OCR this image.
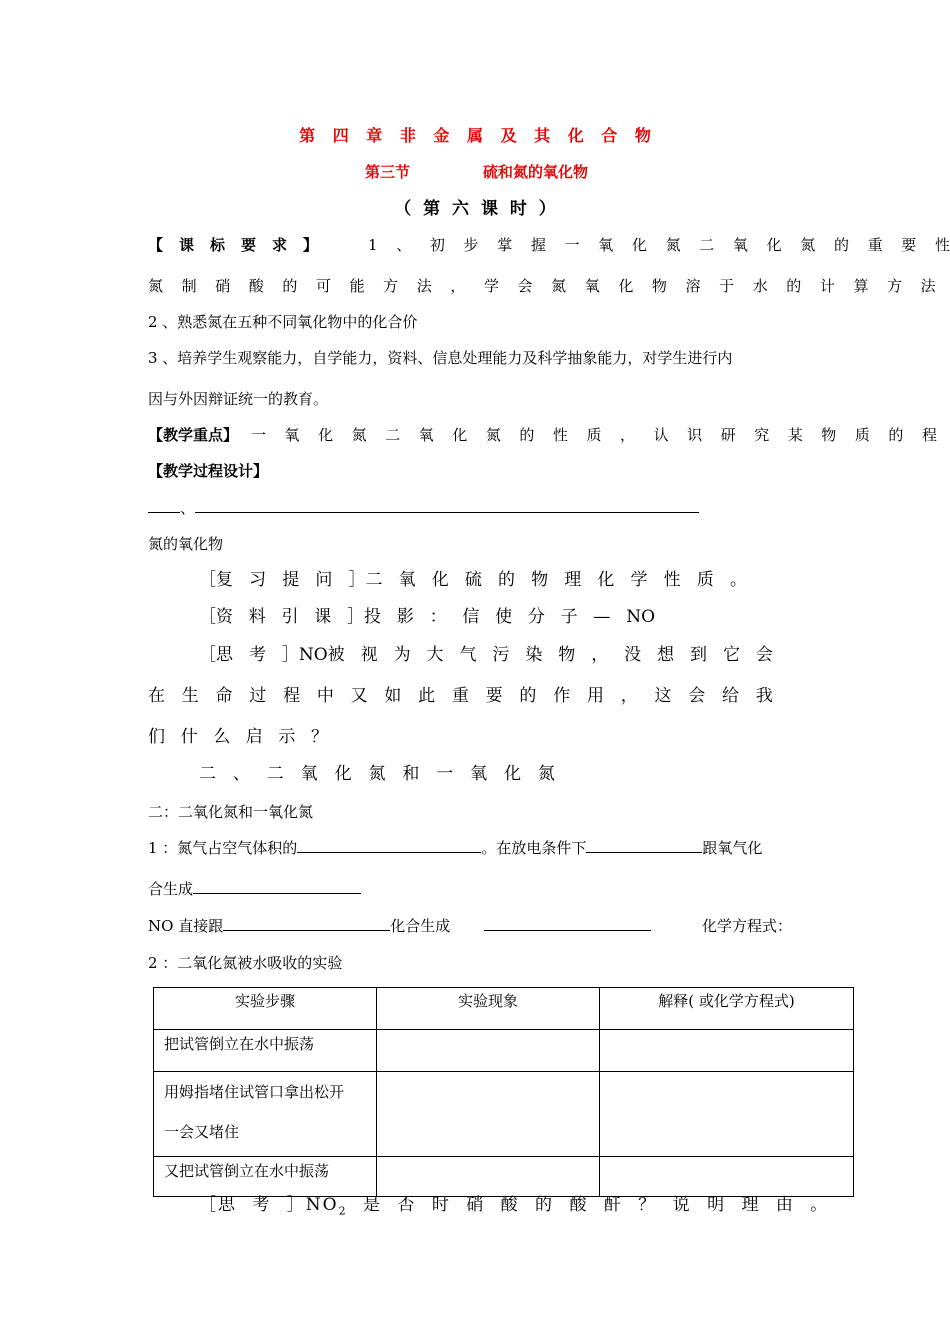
第 四 章 非 金 属 及 其 化 合 物
第三节	硫和氮的氧化物
（ 第 六 课 时 ）
【 课 标 要 求 】	1 、 初 步 掌 握 一 氧 化 氮 二 氧 化 氮 的 重 要 性
氮 制 硝 酸 的 可 能 方 法 ， 学 会 氮 氧 化 物 溶 于 水 的 计 算 方 法
2 、熟悉氮在五种不同氧化物中的化合价
3 、培养学生观察能力，自学能力，资料、信息处理能力及科学抽象能力，对学生进行内
因与外因辩证统一的教育。
【教学重点】 一 氧 化 氮 二 氧 化 氮 的 性 质 ， 认 识 研 究 某 物 质 的 程
【教学过程设计】
、
氮的氧化物
［复 习 提 问 ］二 氧 化 硫 的 物 理 化 学 性 质 。
［资 料 引 课 ］投 影 ： 信 使 分 子 — NO
［思 考 ］NO被 视 为 大 气 污 染 物 ， 没 想 到 它 会
在 生 命 过 程 中 又 如 此 重 要 的 作 用 ， 这 会 给 我
们 什 么 启 示 ？
二 、 二 氧 化 氮 和 一 氧 化 氮
二：二氧化氮和一氧化氮
1 ：氮气占空气体积的	。在放电条件下	跟氧气化
合生成
NO 直接跟	化合生成	化学方程式：
2 ：二氧化氮被水吸收的实验
实验步骤	实验现象	解释( 或化学方程式)
把试管倒立在水中振荡		

用姆指堵住试管口拿出松开
一会又堵住		

又把试管倒立在水中振荡		
［思 考 $]NO_2$ 是 否 时 硝 酸 的 酸 酐 ？ 说 明 理 由 。
